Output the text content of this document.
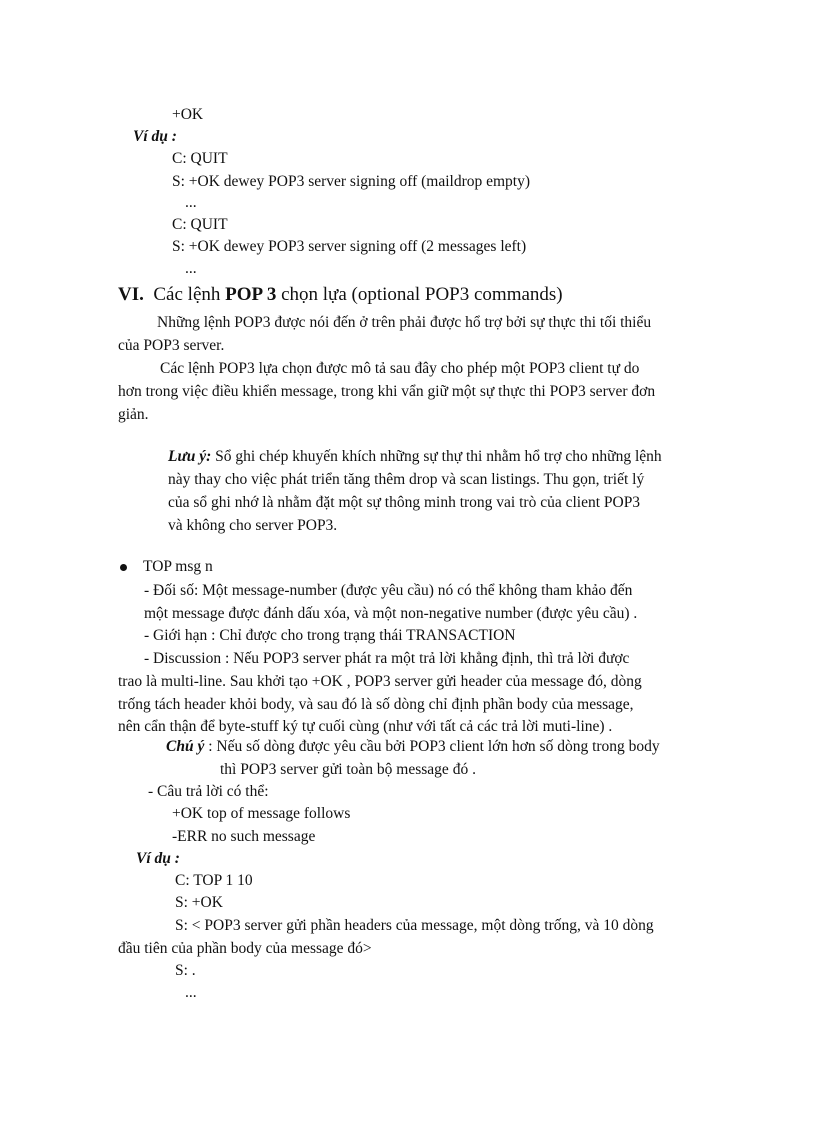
+OK
Ví dụ :
C: QUIT
S: +OK dewey POP3 server signing off (maildrop empty)
...
C: QUIT
S: +OK dewey POP3 server signing off (2 messages left)
...
VI. Các lệnh POP 3 chọn lựa (optional POP3 commands)
Những lệnh POP3 được nói đến ở trên phải được hổ trợ bởi sự thực thi tối thiểu
của POP3 server.
Các lệnh POP3 lựa chọn được mô tả sau đây cho phép một POP3 client tự do
hơn trong việc điều khiển message, trong khi vẩn giữ một sự thực thi POP3 server đơn
giản.
Lưu ý: Sổ ghi chép khuyến khích những sự thự thi nhằm hổ trợ cho những lệnh
này thay cho việc phát triển tăng thêm drop và scan listings. Thu gọn, triết lý
của sổ ghi nhớ là nhằm đặt một sự thông minh trong vai trò của client POP3
và không cho server POP3.
TOP msg n
- Đối số: Một message-number (được yêu cầu) nó có thể không tham khảo đến
một message được đánh dấu xóa, và một non-negative number (được yêu cầu) .
- Giới hạn : Chỉ được cho trong trạng thái TRANSACTION
- Discussion : Nếu POP3 server phát ra một trả lời khẳng định, thì trả lời được
trao là multi-line. Sau khởi tạo +OK , POP3 server gửi header của message đó, dòng
trống tách header khỏi body, và sau đó là số dòng chỉ định phần body của message,
nên cẩn thận để byte-stuff ký tự cuối cùng (như với tất cả các trả lời muti-line) .
Chú ý : Nếu số dòng được yêu cầu bởi POP3 client lớn hơn số dòng trong body
thì POP3 server gửi toàn bộ message đó .
- Câu trả lời có thể:
+OK top of message follows
-ERR no such message
Ví dụ :
C: TOP 1 10
S: +OK
S: < POP3 server gửi phần headers của message, một dòng trống, và 10 dòng
đầu tiên của phần body của message đó>
S: .
...
